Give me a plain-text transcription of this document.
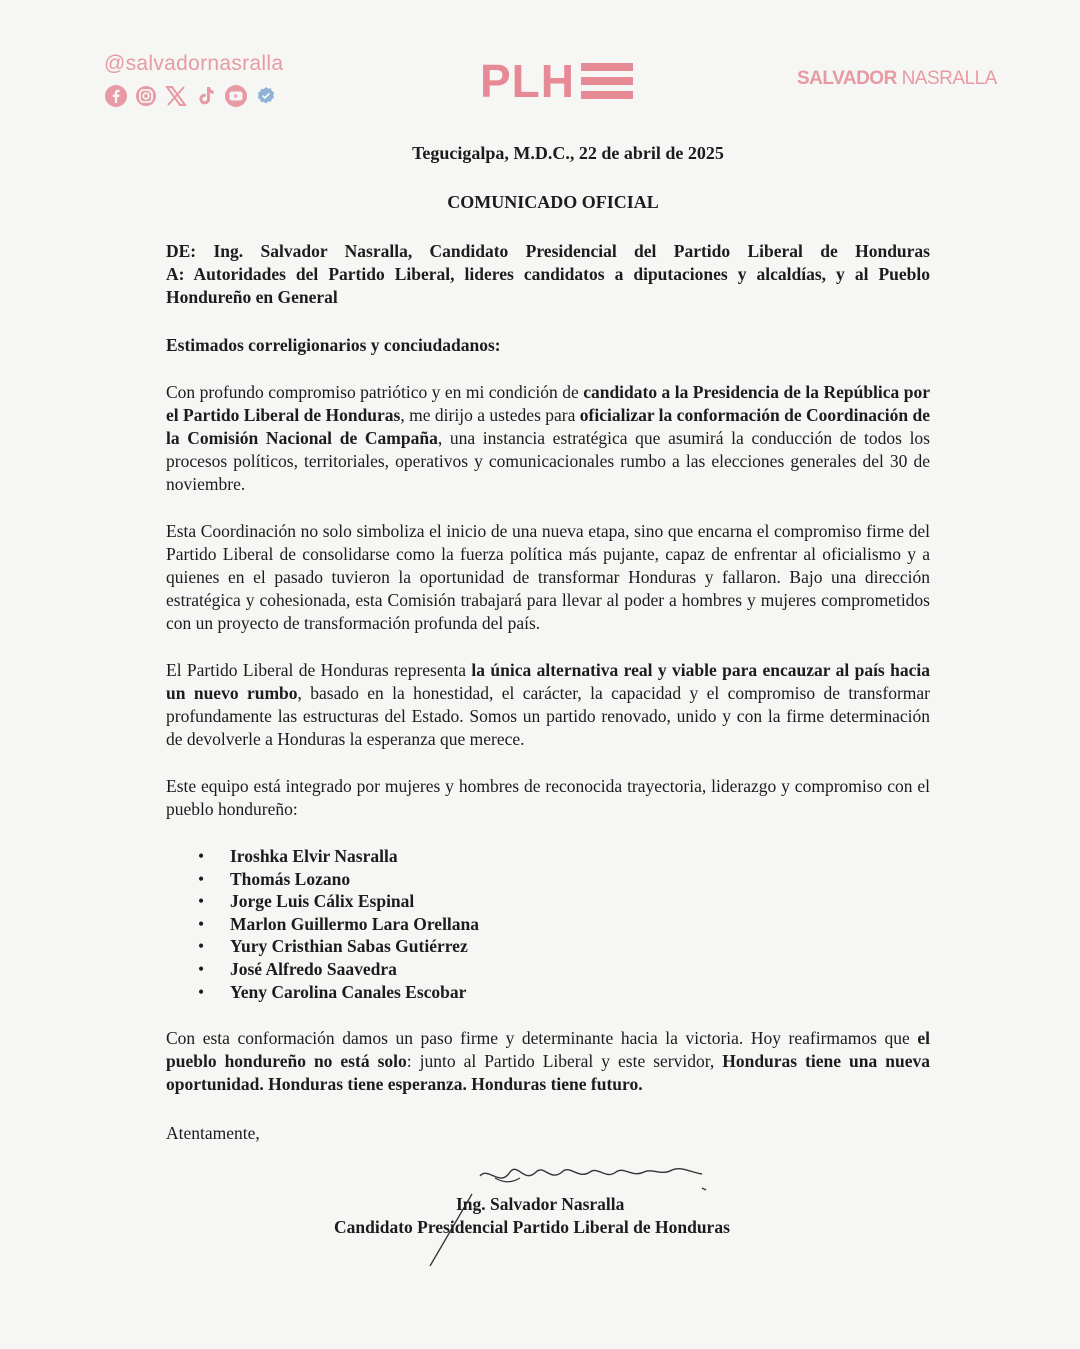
@salvadornasralla	PLH	SALVADOR NASRALLA
Tegucigalpa, M.D.C., 22 de abril de 2025
COMUNICADO OFICIAL
DE: Ing. Salvador Nasralla, Candidato Presidencial del Partido Liberal de Honduras
A: Autoridades del Partido Liberal, lideres candidatos a diputaciones y alcaldías, y al Pueblo
Hondureño en General
Estimados correligionarios y conciudadanos:

Con profundo compromiso patriótico y en mi condición de candidato a la Presidencia de la República por el Partido Liberal de Honduras, me dirijo a ustedes para oficializar la conformación de Coordinación de la Comisión Nacional de Campaña, una instancia estratégica que asumirá la conducción de todos los procesos políticos, territoriales, operativos y comunicacionales rumbo a las elecciones generales del 30 de noviembre.

Esta Coordinación no solo simboliza el inicio de una nueva etapa, sino que encarna el compromiso firme del Partido Liberal de consolidarse como la fuerza política más pujante, capaz de enfrentar al oficialismo y a quienes en el pasado tuvieron la oportunidad de transformar Honduras y fallaron. Bajo una dirección estratégica y cohesionada, esta Comisión trabajará para llevar al poder a hombres y mujeres comprometidos con un proyecto de transformación profunda del país.

El Partido Liberal de Honduras representa la única alternativa real y viable para encauzar al país hacia un nuevo rumbo, basado en la honestidad, el carácter, la capacidad y el compromiso de transformar profundamente las estructuras del Estado. Somos un partido renovado, unido y con la firme determinación de devolverle a Honduras la esperanza que merece.

Este equipo está integrado por mujeres y hombres de reconocida trayectoria, liderazgo y compromiso con el pueblo hondureño:

• Iroshka Elvir Nasralla
• Thomás Lozano
• Jorge Luis Cálix Espinal
• Marlon Guillermo Lara Orellana
• Yury Cristhian Sabas Gutiérrez
• José Alfredo Saavedra
• Yeny Carolina Canales Escobar

Con esta conformación damos un paso firme y determinante hacia la victoria. Hoy reafirmamos que el pueblo hondureño no está solo: junto al Partido Liberal y este servidor, Honduras tiene una nueva oportunidad. Honduras tiene esperanza. Honduras tiene futuro.

Atentamente,
Ing. Salvador Nasralla
Candidato Presidencial Partido Liberal de Honduras
